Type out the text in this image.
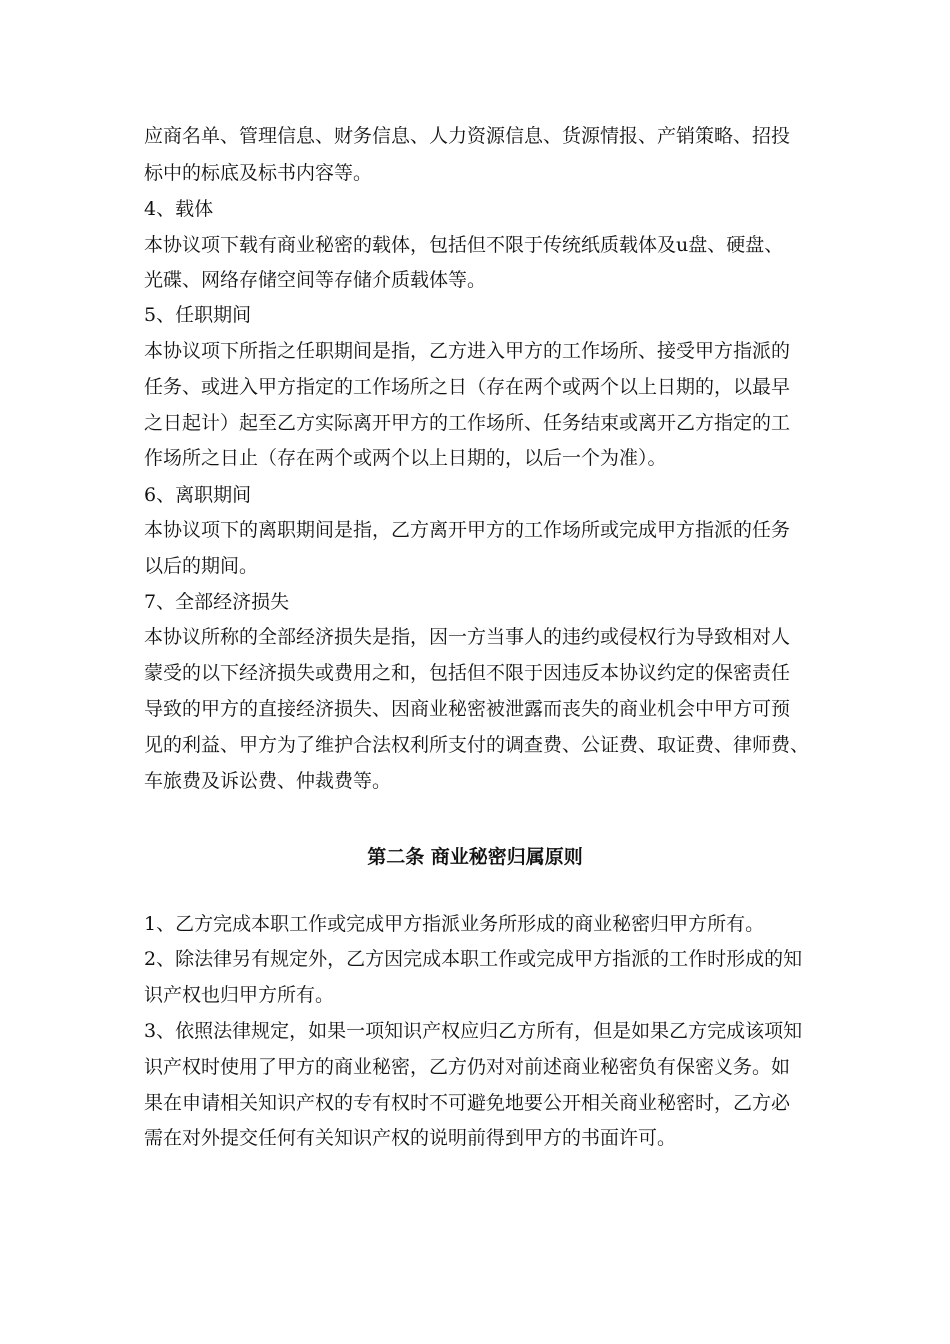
应商名单、管理信息、财务信息、人力资源信息、货源情报、产销策略、招投
标中的标底及标书内容等。
4、载体
本协议项下载有商业秘密的载体，包括但不限于传统纸质载体及u盘、硬盘、
光碟、网络存储空间等存储介质载体等。
5、任职期间
本协议项下所指之任职期间是指，乙方进入甲方的工作场所、接受甲方指派的
任务、或进入甲方指定的工作场所之日（存在两个或两个以上日期的，以最早
之日起计）起至乙方实际离开甲方的工作场所、任务结束或离开乙方指定的工
作场所之日止（存在两个或两个以上日期的，以后一个为准）。
6、离职期间
本协议项下的离职期间是指，乙方离开甲方的工作场所或完成甲方指派的任务
以后的期间。
7、全部经济损失
本协议所称的全部经济损失是指，因一方当事人的违约或侵权行为导致相对人
蒙受的以下经济损失或费用之和，包括但不限于因违反本协议约定的保密责任
导致的甲方的直接经济损失、因商业秘密被泄露而丧失的商业机会中甲方可预
见的利益、甲方为了维护合法权利所支付的调查费、公证费、取证费、律师费、
车旅费及诉讼费、仲裁费等。
第二条 商业秘密归属原则
1、乙方完成本职工作或完成甲方指派业务所形成的商业秘密归甲方所有。
2、除法律另有规定外，乙方因完成本职工作或完成甲方指派的工作时形成的知
识产权也归甲方所有。
3、依照法律规定，如果一项知识产权应归乙方所有，但是如果乙方完成该项知
识产权时使用了甲方的商业秘密，乙方仍对对前述商业秘密负有保密义务。如
果在申请相关知识产权的专有权时不可避免地要公开相关商业秘密时，乙方必
需在对外提交任何有关知识产权的说明前得到甲方的书面许可。
